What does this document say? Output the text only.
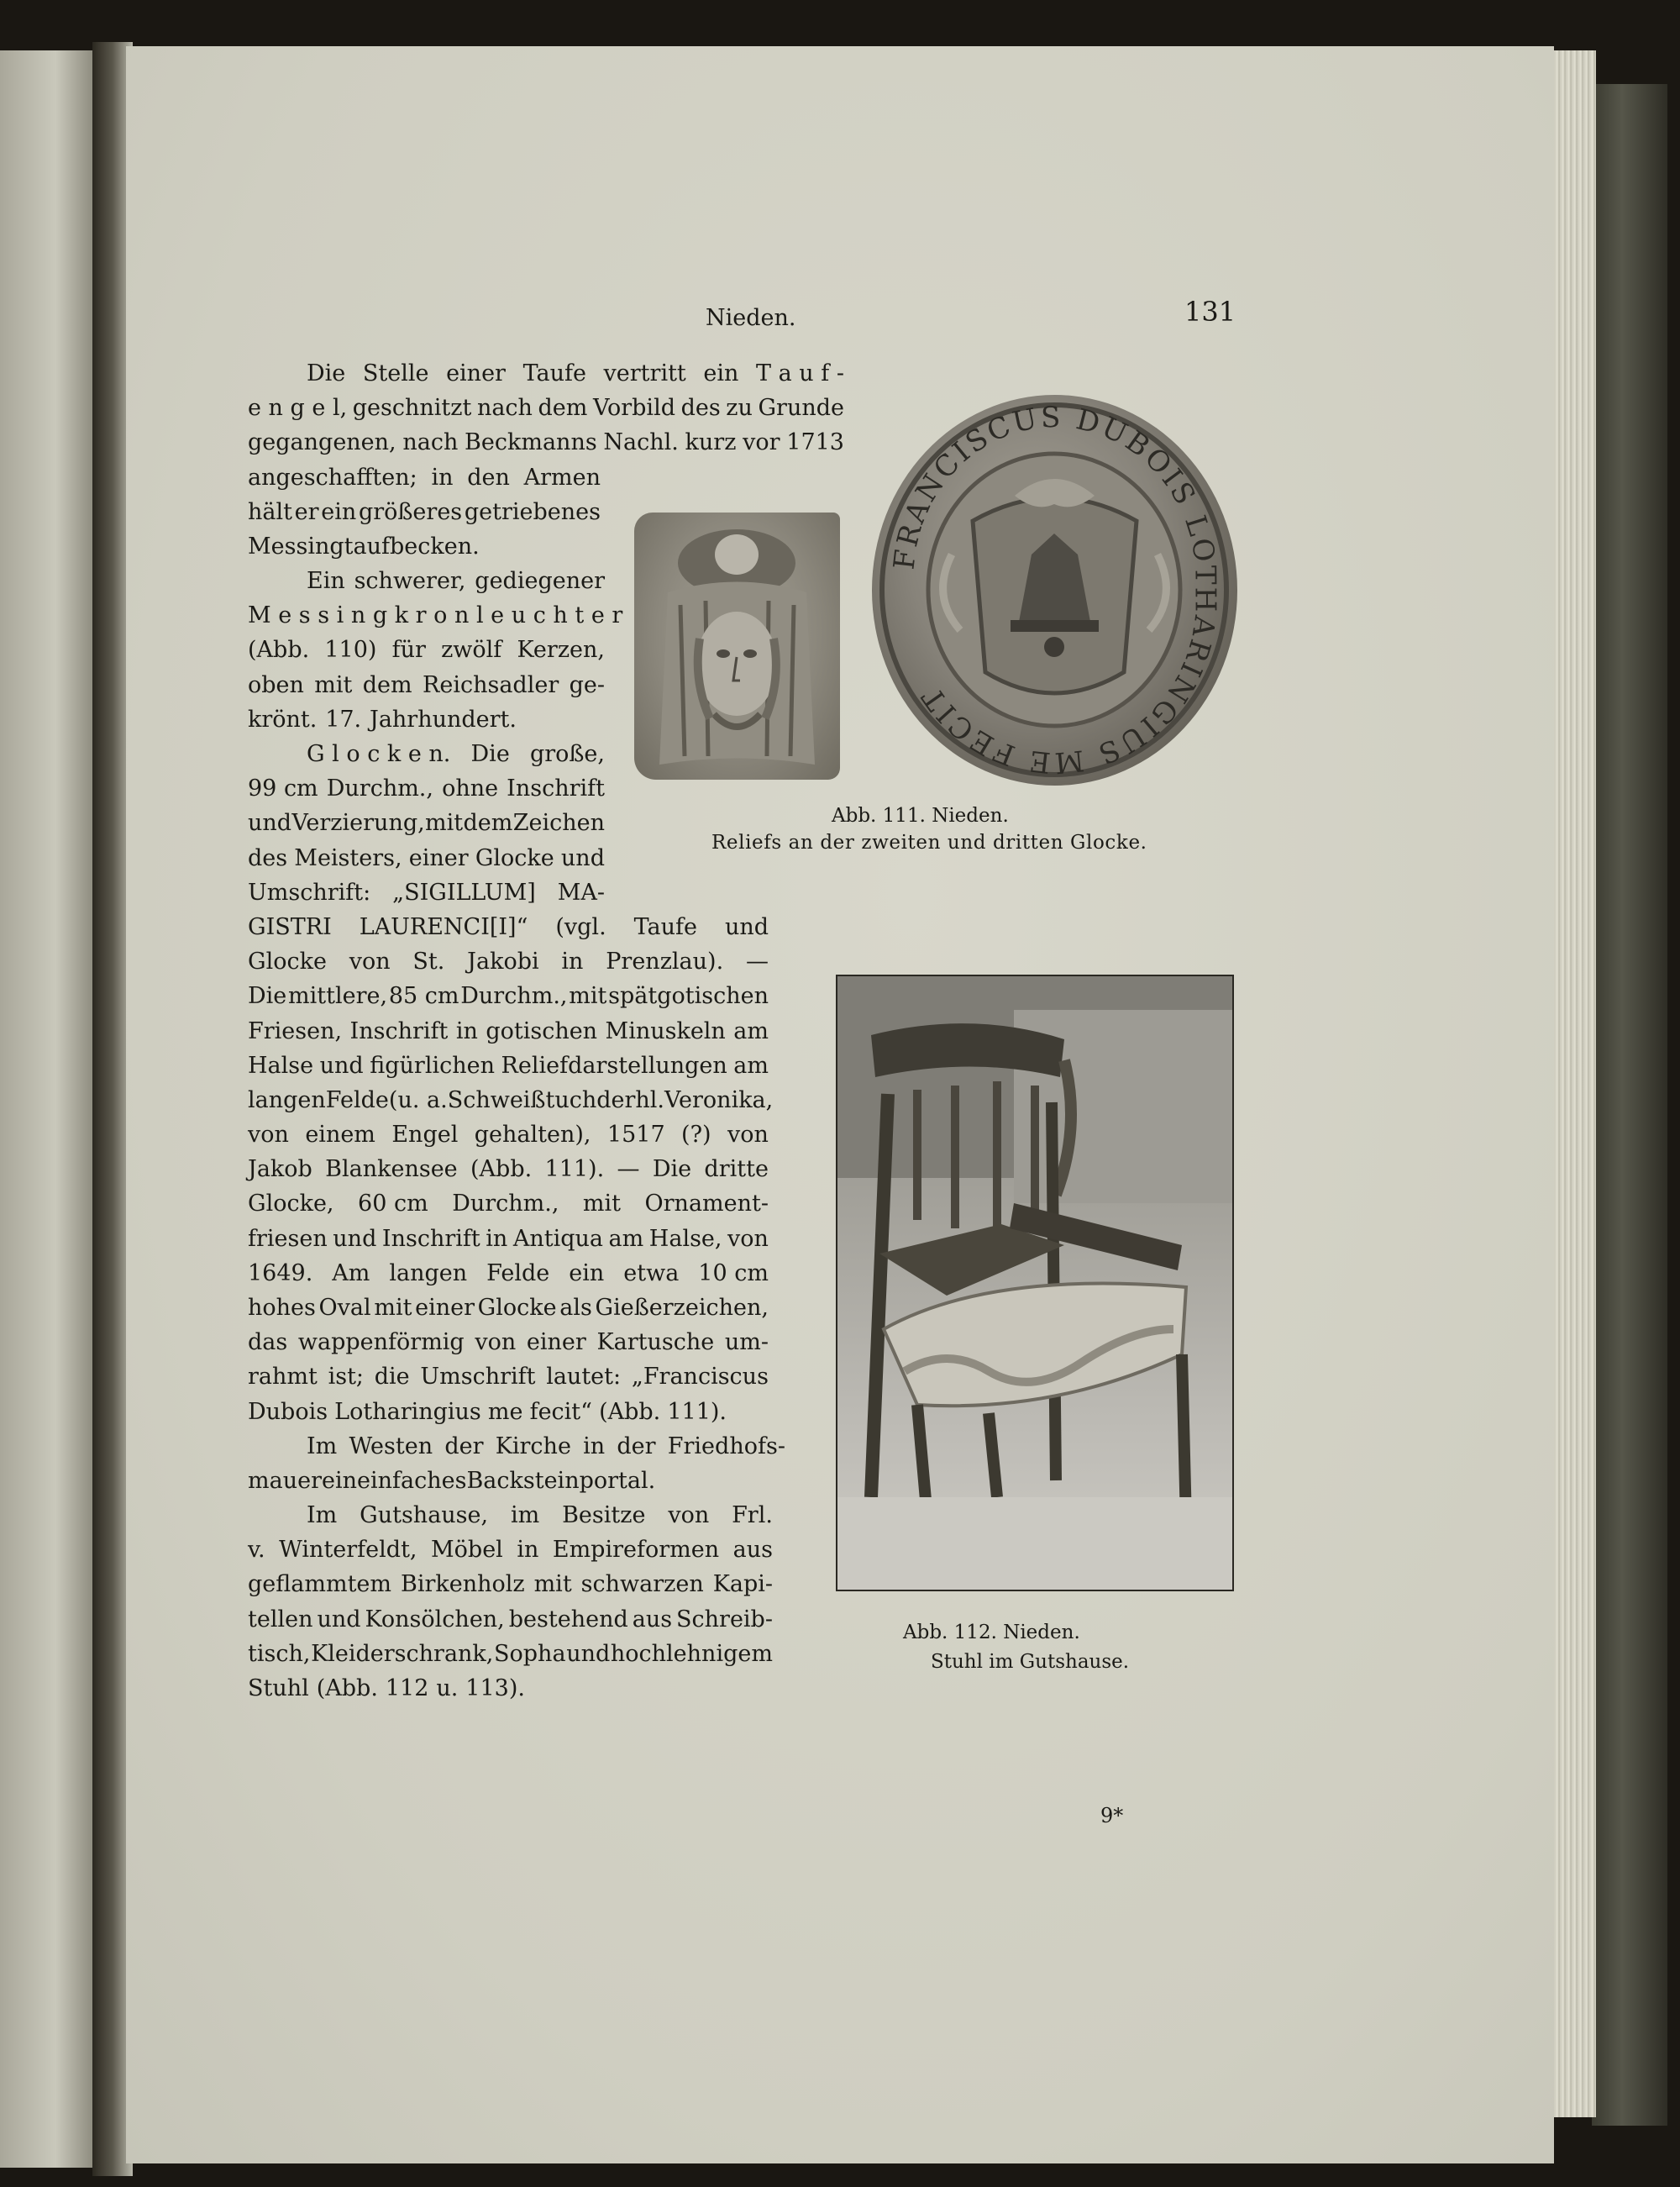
Nieden.	131
Die Stelle einer Taufe vertritt ein T a u f -
e n g e l, geschnitzt nach dem Vorbild des zu Grunde
gegangenen, nach Beckmanns Nachl. kurz vor 1713
angeschafften; in den Armen
hält er ein größeres getriebenes
Messingtaufbecken.
Ein schwerer, gediegener
M e s s i n g k r o n l e u c h t e r
(Abb. 110) für zwölf Kerzen,
oben mit dem Reichsadler ge-
krönt. 17. Jahrhundert.
G l o c k e n. Die große,
99 cm Durchm., ohne Inschrift
und Verzierung, mit dem Zeichen
des Meisters, einer Glocke und
Umschrift: „SIGILLUM] MA-
GISTRI LAURENCI[I]“ (vgl. Taufe und
Glocke von St. Jakobi in Prenzlau). —
Die mittlere, 85 cm Durchm., mit spätgotischen
Friesen, Inschrift in gotischen Minuskeln am
Halse und figürlichen Reliefdarstellungen am
langen Felde (u. a. Schweißtuch der hl. Veronika,
von einem Engel gehalten), 1517 (?) von
Jakob Blankensee (Abb. 111). — Die dritte
Glocke, 60 cm Durchm., mit Ornament-
friesen und Inschrift in Antiqua am Halse, von
1649. Am langen Felde ein etwa 10 cm
hohes Oval mit einer Glocke als Gießerzeichen,
das wappenförmig von einer Kartusche um-
rahmt ist; die Umschrift lautet: „Franciscus
Dubois Lotharingius me fecit“ (Abb. 111).
Im Westen der Kirche in der Friedhofs-
mauer ein einfaches Backsteinportal.
Im Gutshause, im Besitze von Frl.
v. Winterfeldt, Möbel in Empireformen aus
geflammtem Birkenholz mit schwarzen Kapi-
tellen und Konsölchen, bestehend aus Schreib-
tisch, Kleiderschrank, Sopha und hochlehnigem
Stuhl (Abb. 112 u. 113).
FRANCISCUS DUBOIS LOTHARINGIUS ME FECIT
Abb. 111. Nieden.
Reliefs an der zweiten und dritten Glocke.
Abb. 112. Nieden.
Stuhl im Gutshause.
9*
